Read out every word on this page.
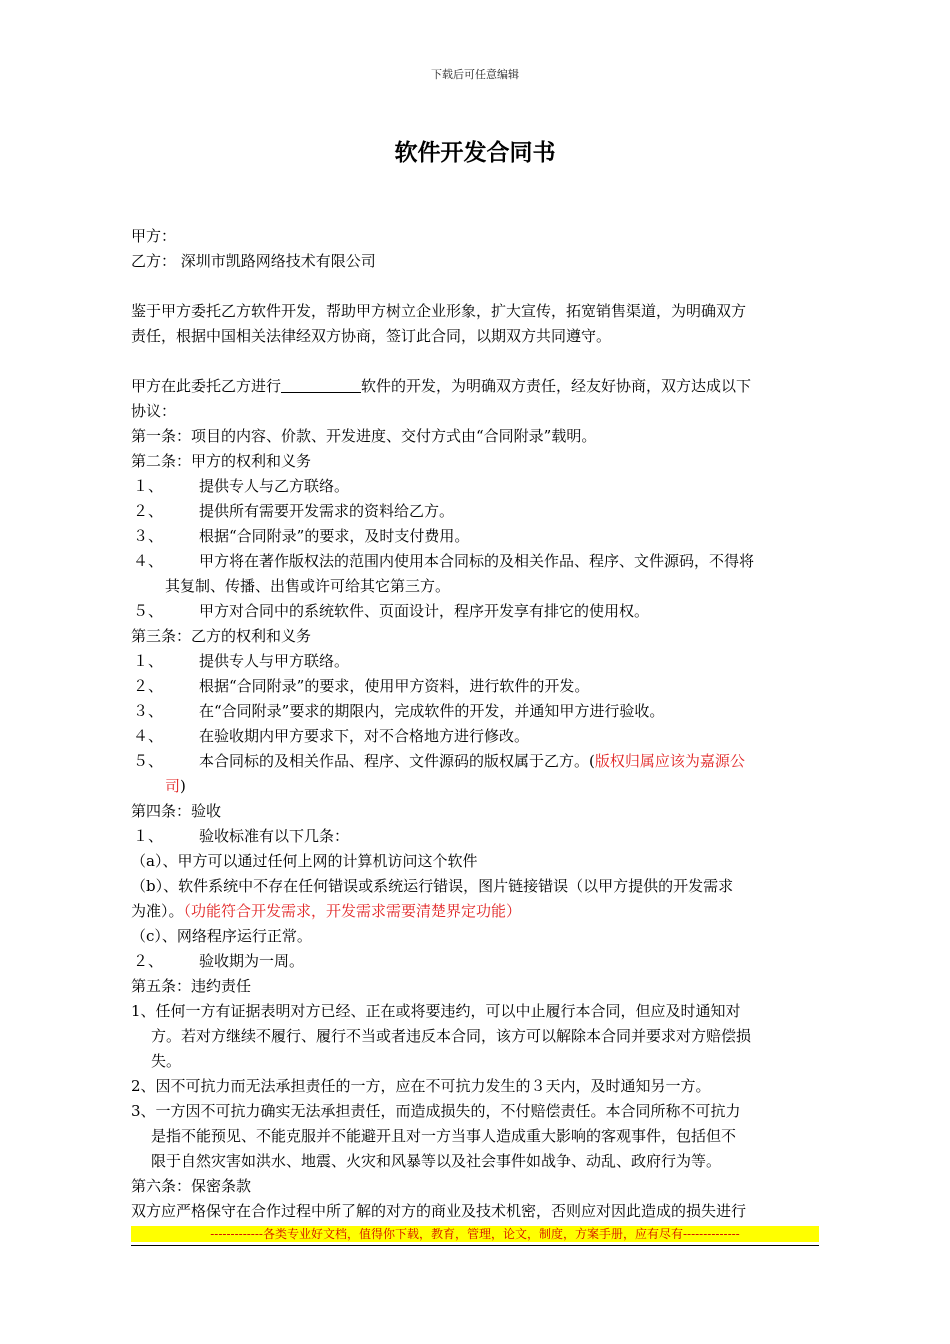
下载后可任意编辑
软件开发合同书
甲方：
乙方： 深圳市凯路网络技术有限公司
鉴于甲方委托乙方软件开发，帮助甲方树立企业形象，扩大宣传，拓宽销售渠道，为明确双方
责任，根据中国相关法律经双方协商，签订此合同，以期双方共同遵守。
甲方在此委托乙方进行	软件的开发，为明确双方责任，经友好协商，双方达成以下
协议：
第一条：项目的内容、价款、开发进度、交付方式由“合同附录”载明。
第二条：甲方的权利和义务
１、	提供专人与乙方联络。
２、	提供所有需要开发需求的资料给乙方。
３、	根据“合同附录”的要求，及时支付费用。
４、	甲方将在著作版权法的范围内使用本合同标的及相关作品、程序、文件源码，不得将
其复制、传播、出售或许可给其它第三方。
５、	甲方对合同中的系统软件、页面设计，程序开发享有排它的使用权。
第三条：乙方的权利和义务
１、	提供专人与甲方联络。
２、	根据“合同附录”的要求，使用甲方资料，进行软件的开发。
３、	在“合同附录”要求的期限内，完成软件的开发，并通知甲方进行验收。
４、	在验收期内甲方要求下，对不合格地方进行修改。
５、	本合同标的及相关作品、程序、文件源码的版权属于乙方。(版权归属应该为嘉源公
司)
第四条：验收
１、	验收标准有以下几条：
（a）、甲方可以通过任何上网的计算机访问这个软件
（b）、软件系统中不存在任何错误或系统运行错误，图片链接错误（以甲方提供的开发需求
为准）。（功能符合开发需求，开发需求需要清楚界定功能）
（c）、网络程序运行正常。
２、	验收期为一周。
第五条：违约责任
1、任何一方有证据表明对方已经、正在或将要违约，可以中止履行本合同，但应及时通知对
方。若对方继续不履行、履行不当或者违反本合同，该方可以解除本合同并要求对方赔偿损
失。
2、因不可抗力而无法承担责任的一方，应在不可抗力发生的３天内，及时通知另一方。
3、一方因不可抗力确实无法承担责任，而造成损失的，不付赔偿责任。本合同所称不可抗力
是指不能预见、不能克服并不能避开且对一方当事人造成重大影响的客观事件，包括但不
限于自然灾害如洪水、地震、火灾和风暴等以及社会事件如战争、动乱、政府行为等。
第六条：保密条款
双方应严格保守在合作过程中所了解的对方的商业及技术机密，否则应对因此造成的损失进行
-------------各类专业好文档，值得你下载，教育，管理，论文，制度，方案手册，应有尽有--------------
